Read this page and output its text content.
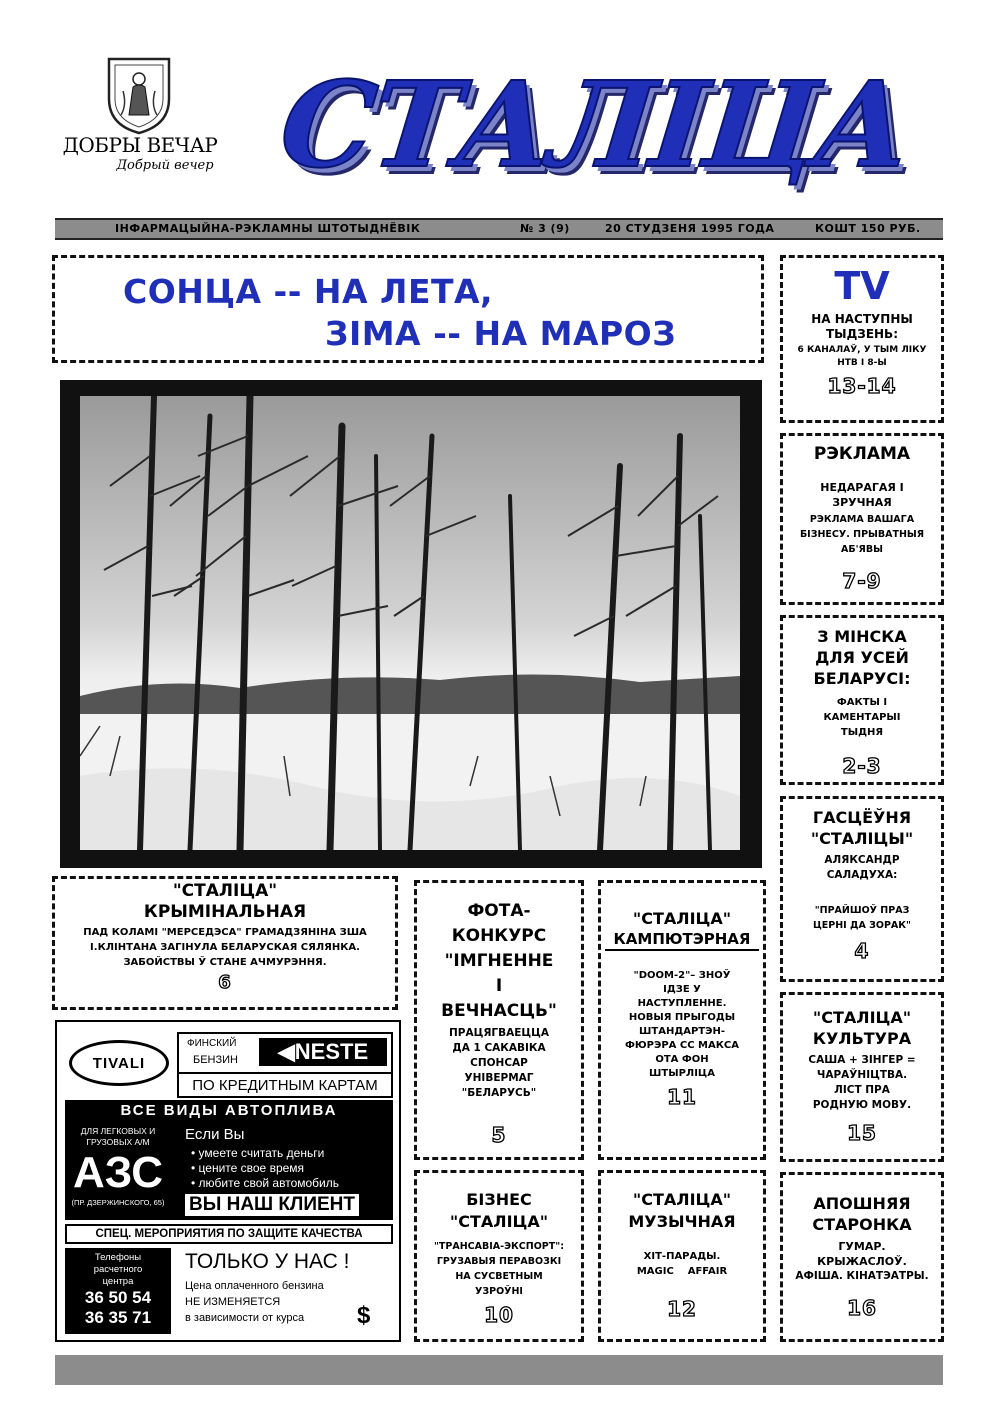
ДОБРЫ ВЕЧАР
Добрый вечер СТАЛІЦА
ІНФАРМАЦЫЙНА-РЭКЛАМНЫ ШТОТЫДНЁВІК	№ 3 (9)	20 СТУДЗЕНЯ 1995 ГОДА	КОШТ 150 РУБ.
СОНЦА -- НА ЛЕТА,
ЗІМА -- НА МАРОЗ
TV
НА НАСТУПНЫ ТЫДЗЕНЬ:
6 КАНАЛАЎ, У ТЫМ ЛІКУ НТВ І 8-Ы
13-14
РЭКЛАМА
НЕДАРАГАЯ І ЗРУЧНАЯ
РЭКЛАМА ВАШАГА БІЗНЕСУ. ПРЫВАТНЫЯ АБ'ЯВЫ
7-9
З МІНСКА ДЛЯ УСЕЙ БЕЛАРУСІ:
ФАКТЫ І КАМЕНТАРЫІ ТЫДНЯ
2-3
ГАСЦЁЎНЯ "СТАЛІЦЫ"
АЛЯКСАНДР САЛАДУХА:
"ПРАЙШОЎ ПРАЗ ЦЕРНІ ДА ЗОРАК"
4
"СТАЛІЦА" КУЛЬТУРА
САША + ЗІНГЕР = ЧАРАЎНІЦТВА.
ЛІСТ ПРА РОДНУЮ МОВУ.
15
АПОШНЯЯ СТАРОНКА
ГУМАР. КРЫЖАСЛОЎ.
АФІША. КІНАТЭАТРЫ.
16
"СТАЛІЦА"
КРЫМІНАЛЬНАЯ
ПАД КОЛАМІ "МЕРСЕДЭСА" ГРАМАДЗЯНІНА ЗША І.КЛІНТАНА ЗАГІНУЛА БЕЛАРУСКАЯ СЯЛЯНКА. ЗАБОЙСТВЫ Ў СТАНЕ АЧМУРЭННЯ.
6
ФОТА-КОНКУРС "ІМГНЕННЕ І ВЕЧНАСЦЬ"
ПРАЦЯГВАЕЦЦА ДА 1 САКАВІКА СПОНСАР УНІВЕРМАГ "БЕЛАРУСЬ"
5
"СТАЛІЦА"
КАМПЮТЭРНАЯ
"DOOM-2"– ЗНОЎ ІДЗЕ У НАСТУПЛЕННЕ. НОВЫЯ ПРЫГОДЫ ШТАНДАРТЭН-ФЮРЭРА СС МАКСА ОТА ФОН ШТЫРЛІЦА
11
БІЗНЕС "СТАЛІЦА"
"ТРАНСАВІА-ЭКСПОРТ": ГРУЗАВЫЯ ПЕРАВОЗКІ НА СУСВЕТНЫМ УЗРОЎНІ
10
"СТАЛІЦА"
МУЗЫЧНАЯ
ХІТ-ПАРАДЫ.
MAGIC    AFFAIR
12
TIVALI
ФИНСКИЙ
БЕНЗИН	◀NESTE
ПО КРЕДИТНЫМ КАРТАМ
ВСЕ ВИДЫ АВТОПЛИВА
ДЛЯ ЛЕГКОВЫХ И ГРУЗОВЫХ А/М
АЗС
(ПР. ДЗЕРЖИНСКОГО, 65)
Если Вы
• умеете считать деньги
• цените свое время
• любите свой автомобиль
ВЫ НАШ КЛИЕНТ
СПЕЦ. МЕРОПРИЯТИЯ ПО ЗАЩИТЕ КАЧЕСТВА
Телефоны расчетного центра
36 50 54
36 35 71
ТОЛЬКО У НАС !
Цена оплаченного бензина
НЕ ИЗМЕНЯЕТСЯ
в зависимости от курса $
